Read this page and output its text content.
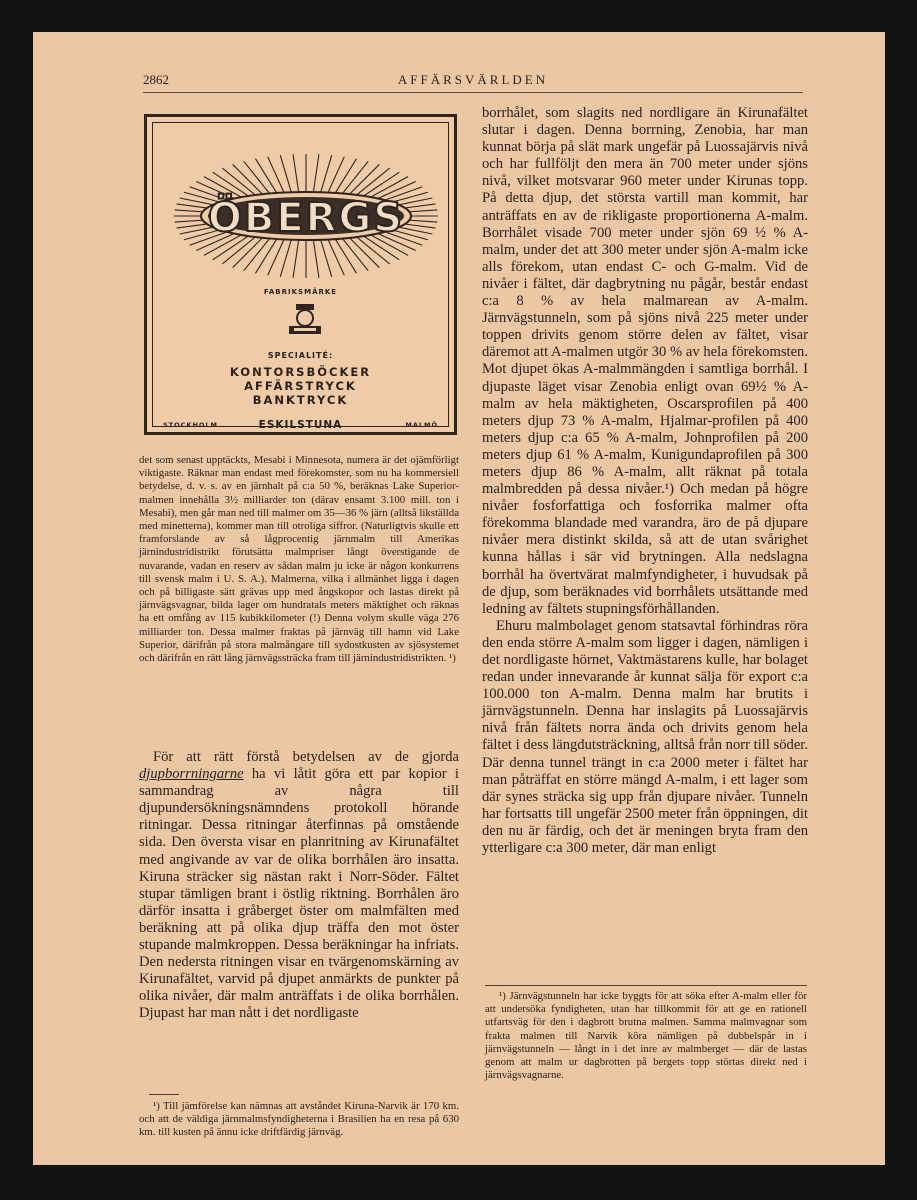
2862	AFFÄRSVÄRLDEN
ÖBERGS
FABRIKSMÄRKE
SPECIALITÉ:
KONTORSBÖCKER
AFFÄRSTRYCK
BANKTRYCK
STOCKHOLM	ESKILSTUNA	MALMÖ

det som senast upptäckts, Mesabi i Minnesota, numera är det ojämförligt viktigaste. Räknar man endast med förekomster, som nu ha kommersiell betydelse, d. v. s. av en järnhalt på c:a 50 %, beräknas Lake Superior-malmen innehålla 3½ milliarder ton (därav ensamt 3.100 mill. ton i Mesabi), men går man ned till malmer om 35—36 % järn (alltså likställda med minetterna), kommer man till otroliga siffror. (Naturligtvis skulle ett framforslande av så lågprocentig järnmalm till Amerikas järnindustridistrikt förutsätta malmpriser långt överstigande de nuvarande, vadan en reserv av sådan malm ju icke är någon konkurrens till svensk malm i U. S. A.). Malmerna, vilka i allmänhet ligga i dagen och på billigaste sätt grävas upp med ångskopor och lastas direkt på järnvägsvagnar, bilda lager om hundratals meters mäktighet och räknas ha ett omfång av 115 kubikkilometer (!) Denna volym skulle väga 276 milliarder ton. Dessa malmer fraktas på järnväg till hamn vid Lake Superior, därifrån på stora malmångare till sydostkusten av sjösystemet och därifrån en rätt lång järnvägssträcka fram till järnindustridistrikten. ¹)

För att rätt förstå betydelsen av de gjorda djupborrningarne ha vi låtit göra ett par kopior i sammandrag av några till djupundersökningsnämndens protokoll hörande ritningar. Dessa ritningar återfinnas på omstående sida. Den översta visar en planritning av Kirunafältet med angivande av var de olika borrhålen äro insatta. Kiruna sträcker sig nästan rakt i Norr-Söder. Fältet stupar tämligen brant i östlig riktning. Borrhålen äro därför insatta i gråberget öster om malmfälten med beräkning att på olika djup träffa den mot öster stupande malmkroppen. Dessa beräkningar ha infriats. Den nedersta ritningen visar en tvärgenomskärning av Kirunafältet, varvid på djupet anmärkts de punkter på olika nivåer, där malm anträffats i de olika borrhålen. Djupast har man nått i det nordligaste

¹) Till jämförelse kan nämnas att avståndet Kiruna-Narvik är 170 km. och att de väldiga järnmalmsfyndigheterna i Brasilien ha en resa på 630 km. till kusten på ännu icke driftfärdig järnväg.

borrhålet, som slagits ned nordligare än Kirunafältet slutar i dagen. Denna borrning, Zenobia, har man kunnat börja på slät mark ungefär på Luossajärvis nivå och har fullföljt den mera än 700 meter under sjöns nivå, vilket motsvarar 960 meter under Kirunas topp. På detta djup, det största vartill man kommit, har anträffats en av de rikligaste proportionerna A-malm. Borrhålet visade 700 meter under sjön 69 ½ % A-malm, under det att 300 meter under sjön A-malm icke alls förekom, utan endast C- och G-malm. Vid de nivåer i fältet, där dagbrytning nu pågår, består endast c:a 8 % av hela malmarean av A-malm. Järnvägstunneln, som på sjöns nivå 225 meter under toppen drivits genom större delen av fältet, visar däremot att A-malmen utgör 30 % av hela förekomsten. Mot djupet ökas A-malmmängden i samtliga borrhål. I djupaste läget visar Zenobia enligt ovan 69½ % A-malm av hela mäktigheten, Oscarsprofilen på 400 meters djup 73 % A-malm, Hjalmar-profilen på 400 meters djup c:a 65 % A-malm, Johnprofilen på 200 meters djup 61 % A-malm, Kunigundaprofilen på 300 meters djup 86 % A-malm, allt räknat på totala malmbredden på dessa nivåer.¹) Och medan på högre nivåer fosforfattiga och fosforrika malmer ofta förekomma blandade med varandra, äro de på djupare nivåer mera distinkt skilda, så att de utan svårighet kunna hållas i sär vid brytningen. Alla nedslagna borrhål ha övertvärat malmfyndigheter, i huvudsak på de djup, som beräknades vid borrhålets utsättande med ledning av fältets stupningsförhållanden.

Ehuru malmbolaget genom statsavtal förhindras röra den enda större A-malm som ligger i dagen, nämligen i det nordligaste hörnet, Vaktmästarens kulle, har bolaget redan under innevarande år kunnat sälja för export c:a 100.000 ton A-malm. Denna malm har brutits i järnvägstunneln. Denna har inslagits på Luossajärvis nivå från fältets norra ända och drivits genom hela fältet i dess längdutsträckning, alltså från norr till söder. Där denna tunnel trängt in c:a 2000 meter i fältet har man påträffat en större mängd A-malm, i ett lager som där synes sträcka sig upp från djupare nivåer. Tunneln har fortsatts till ungefär 2500 meter från öppningen, dit den nu är färdig, och det är meningen bryta fram den ytterligare c:a 300 meter, där man enligt

¹) Järnvägstunneln har icke byggts för att söka efter A-malm eller för att undersöka fyndigheten, utan har tillkommit för att ge en rationell utfartsväg för den i dagbrott brutna malmen. Samma malmvagnar som frakta malmen till Narvik köra nämligen på dubbelspår in i järnvägstunneln — långt in i det inre av malmberget — där de lastas genom att malm ur dagbrotten på bergets topp störtas direkt ned i järnvägsvagnarne.
